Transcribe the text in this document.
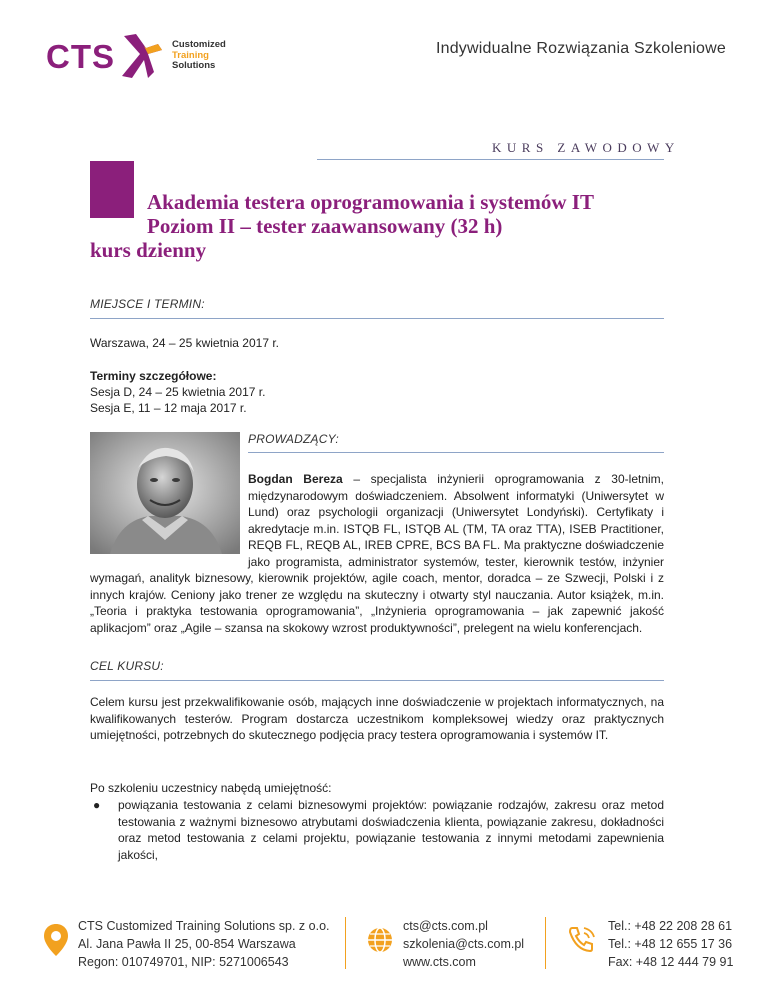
CTS	Customized
Training
Solutions
Indywidualne Rozwiązania Szkoleniowe
KURS ZAWODOWY
Akademia testera oprogramowania i systemów IT
Poziom II – tester zaawansowany (32 h)
kurs dzienny
MIEJSCE I TERMIN:
Warszawa, 24 – 25 kwietnia 2017 r.
Terminy szczegółowe:
Sesja D, 24 – 25 kwietnia 2017 r.
Sesja E, 11 – 12 maja 2017 r.
PROWADZĄCY:
Bogdan Bereza – specjalista inżynierii oprogramowania z 30-letnim, międzynarodowym doświadczeniem. Absolwent informatyki (Uniwersytet w Lund) oraz psychologii organizacji (Uniwersytet Londyński). Certyfikaty i akredytacje m.in. ISTQB FL, ISTQB AL (TM, TA oraz TTA), ISEB Practitioner, REQB FL, REQB AL, IREB CPRE, BCS BA FL. Ma praktyczne doświadczenie jako programista, administrator systemów, tester, kierownik testów, inżynier wymagań, analityk biznesowy, kierownik projektów, agile coach, mentor, doradca – ze Szwecji, Polski i z innych krajów. Ceniony jako trener ze względu na skuteczny i otwarty styl nauczania. Autor książek, m.in. „Teoria i praktyka testowania oprogramowania”, „Inżynieria oprogramowania – jak zapewnić jakość aplikacjom” oraz „Agile – szansa na skokowy wzrost produktywności”, prelegent na wielu konferencjach.
CEL KURSU:
Celem kursu jest przekwalifikowanie osób, mających inne doświadczenie w projektach informatycznych, na kwalifikowanych testerów. Program dostarcza uczestnikom kompleksowej wiedzy oraz praktycznych umiejętności, potrzebnych do skutecznego podjęcia pracy testera oprogramowania i systemów IT.
Po szkoleniu uczestnicy nabędą umiejętność:
● powiązania testowania z celami biznesowymi projektów: powiązanie rodzajów, zakresu oraz metod testowania z ważnymi biznesowo atrybutami doświadczenia klienta, powiązanie zakresu, dokładności oraz metod testowania z celami projektu, powiązanie testowania z innymi metodami zapewnienia jakości,
CTS Customized Training Solutions sp. z o.o.
Al. Jana Pawła II 25, 00-854 Warszawa
Regon: 010749701, NIP: 5271006543
cts@cts.com.pl
szkolenia@cts.com.pl
www.cts.com
Tel.: +48 22 208 28 61
Tel.: +48 12 655 17 36
Fax: +48 12 444 79 91
